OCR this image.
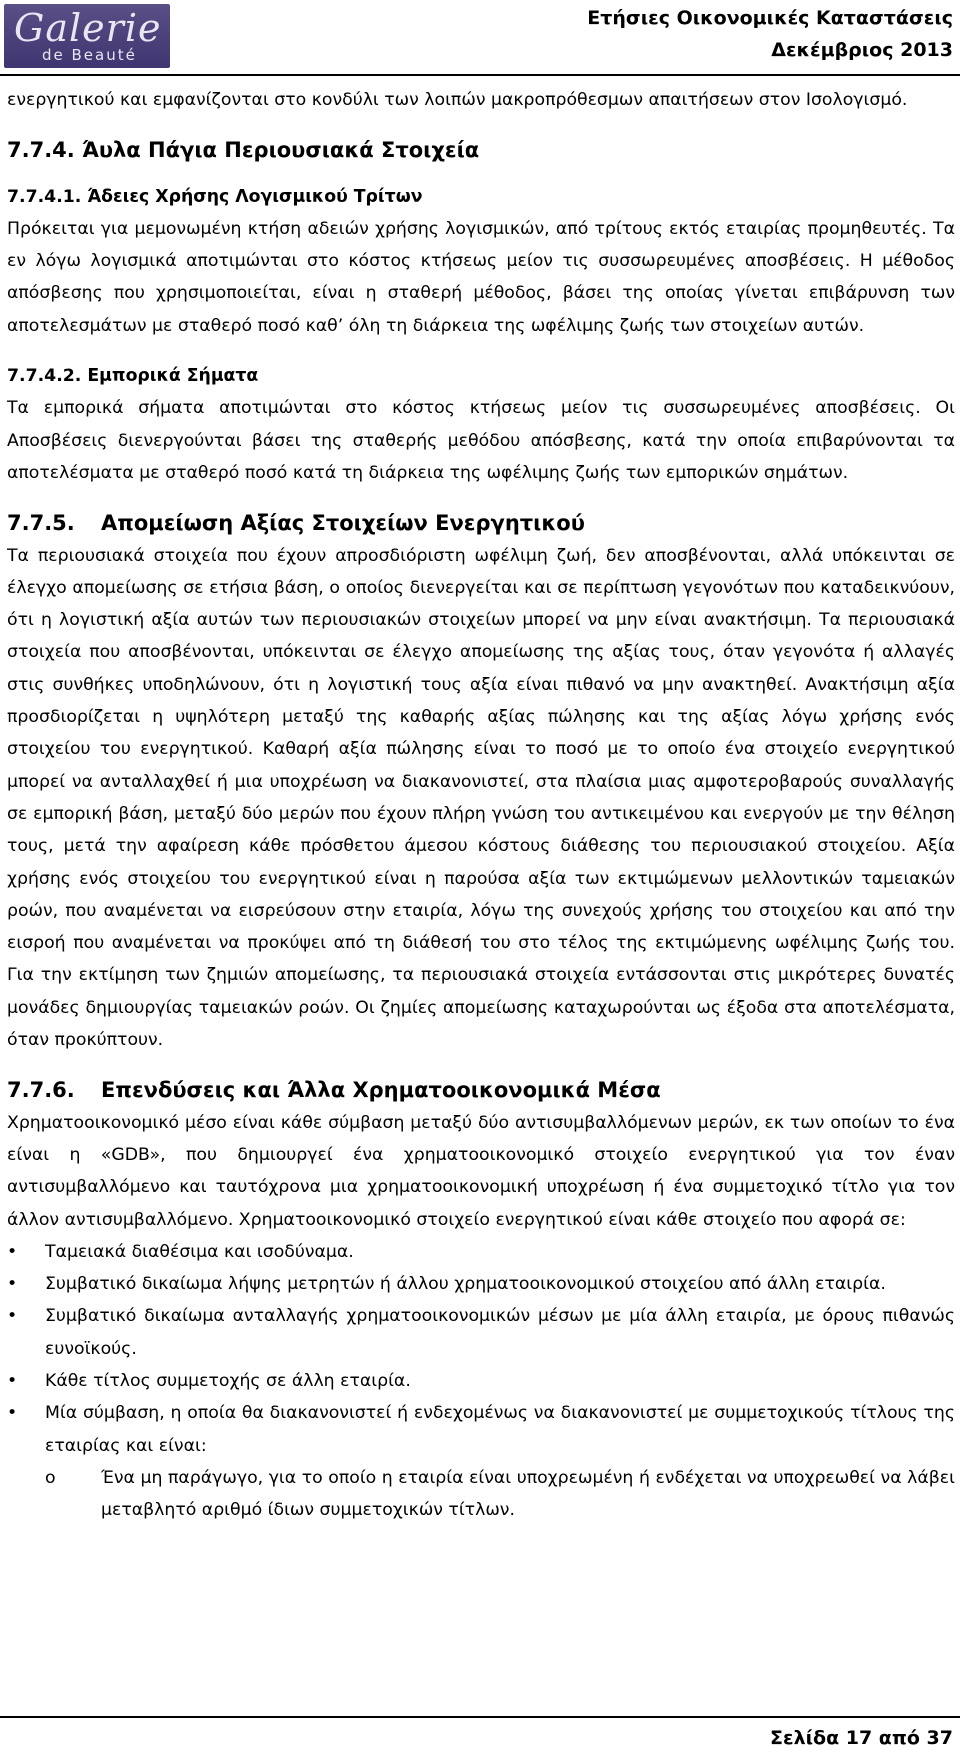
Galerie
de Beauté
Ετήσιες Οικονομικές Καταστάσεις
Δεκέμβριος 2013

ενεργητικού και εμφανίζονται στο κονδύλι των λοιπών μακροπρόθεσμων απαιτήσεων στον Ισολογισμό.

7.7.4. Άυλα Πάγια Περιουσιακά Στοιχεία
7.7.4.1. Άδειες Χρήσης Λογισμικού Τρίτων

Πρόκειται για μεμονωμένη κτήση αδειών χρήσης λογισμικών, από τρίτους εκτός εταιρίας προμηθευτές. Τα εν λόγω λογισμικά αποτιμώνται στο κόστος κτήσεως μείον τις συσσωρευμένες αποσβέσεις. Η μέθοδος απόσβεσης που χρησιμοποιείται, είναι η σταθερή μέθοδος, βάσει της οποίας γίνεται επιβάρυνση των αποτελεσμάτων με σταθερό ποσό καθ’ όλη τη διάρκεια της ωφέλιμης ζωής των στοιχείων αυτών.

7.7.4.2. Εμπορικά Σήματα

Τα εμπορικά σήματα αποτιμώνται στο κόστος κτήσεως μείον τις συσσωρευμένες αποσβέσεις. Οι Αποσβέσεις διενεργούνται βάσει της σταθερής μεθόδου απόσβεσης, κατά την οποία επιβαρύνονται τα αποτελέσματα με σταθερό ποσό κατά τη διάρκεια της ωφέλιμης ζωής των εμπορικών σημάτων.

7.7.5. Απομείωση Αξίας Στοιχείων Ενεργητικού

Τα περιουσιακά στοιχεία που έχουν απροσδιόριστη ωφέλιμη ζωή, δεν αποσβένονται, αλλά υπόκεινται σε έλεγχο απομείωσης σε ετήσια βάση, ο οποίος διενεργείται και σε περίπτωση γεγονότων που καταδεικνύουν, ότι η λογιστική αξία αυτών των περιουσιακών στοιχείων μπορεί να μην είναι ανακτήσιμη. Τα περιουσιακά στοιχεία που αποσβένονται, υπόκεινται σε έλεγχο απομείωσης της αξίας τους, όταν γεγονότα ή αλλαγές στις συνθήκες υποδηλώνουν, ότι η λογιστική τους αξία είναι πιθανό να μην ανακτηθεί. Ανακτήσιμη αξία προσδιορίζεται η υψηλότερη μεταξύ της καθαρής αξίας πώλησης και της αξίας λόγω χρήσης ενός στοιχείου του ενεργητικού. Καθαρή αξία πώλησης είναι το ποσό με το οποίο ένα στοιχείο ενεργητικού μπορεί να ανταλλαχθεί ή μια υποχρέωση να διακανονιστεί, στα πλαίσια μιας αμφοτεροβαρούς συναλλαγής σε εμπορική βάση, μεταξύ δύο μερών που έχουν πλήρη γνώση του αντικειμένου και ενεργούν με την θέληση τους, μετά την αφαίρεση κάθε πρόσθετου άμεσου κόστους διάθεσης του περιουσιακού στοιχείου. Αξία χρήσης ενός στοιχείου του ενεργητικού είναι η παρούσα αξία των εκτιμώμενων μελλοντικών ταμειακών ροών, που αναμένεται να εισρεύσουν στην εταιρία, λόγω της συνεχούς χρήσης του στοιχείου και από την εισροή που αναμένεται να προκύψει από τη διάθεσή του στο τέλος της εκτιμώμενης ωφέλιμης ζωής του. Για την εκτίμηση των ζημιών απομείωσης, τα περιουσιακά στοιχεία εντάσσονται στις μικρότερες δυνατές μονάδες δημιουργίας ταμειακών ροών. Οι ζημίες απομείωσης καταχωρούνται ως έξοδα στα αποτελέσματα, όταν προκύπτουν.

7.7.6. Επενδύσεις και Άλλα Χρηματοοικονομικά Μέσα

Χρηματοοικονομικό μέσο είναι κάθε σύμβαση μεταξύ δύο αντισυμβαλλόμενων μερών, εκ των οποίων το ένα είναι η «GDB», που δημιουργεί ένα χρηματοοικονομικό στοιχείο ενεργητικού για τον έναν αντισυμβαλλόμενο και ταυτόχρονα μια χρηματοοικονομική υποχρέωση ή ένα συμμετοχικό τίτλο για τον άλλον αντισυμβαλλόμενο. Χρηματοοικονομικό στοιχείο ενεργητικού είναι κάθε στοιχείο που αφορά σε:

•	Ταμειακά διαθέσιμα και ισοδύναμα.
•	Συμβατικό δικαίωμα λήψης μετρητών ή άλλου χρηματοοικονομικού στοιχείου από άλλη εταιρία.
•	Συμβατικό δικαίωμα ανταλλαγής χρηματοοικονομικών μέσων με μία άλλη εταιρία, με όρους πιθανώς ευνοϊκούς.
•	Κάθε τίτλος συμμετοχής σε άλλη εταιρία.
•	Μία σύμβαση, η οποία θα διακανονιστεί ή ενδεχομένως να διακανονιστεί με συμμετοχικούς τίτλους της εταιρίας και είναι:
o	Ένα μη παράγωγο, για το οποίο η εταιρία είναι υποχρεωμένη ή ενδέχεται να υποχρεωθεί να λάβει μεταβλητό αριθμό ίδιων συμμετοχικών τίτλων.
Σελίδα 17 από 37
